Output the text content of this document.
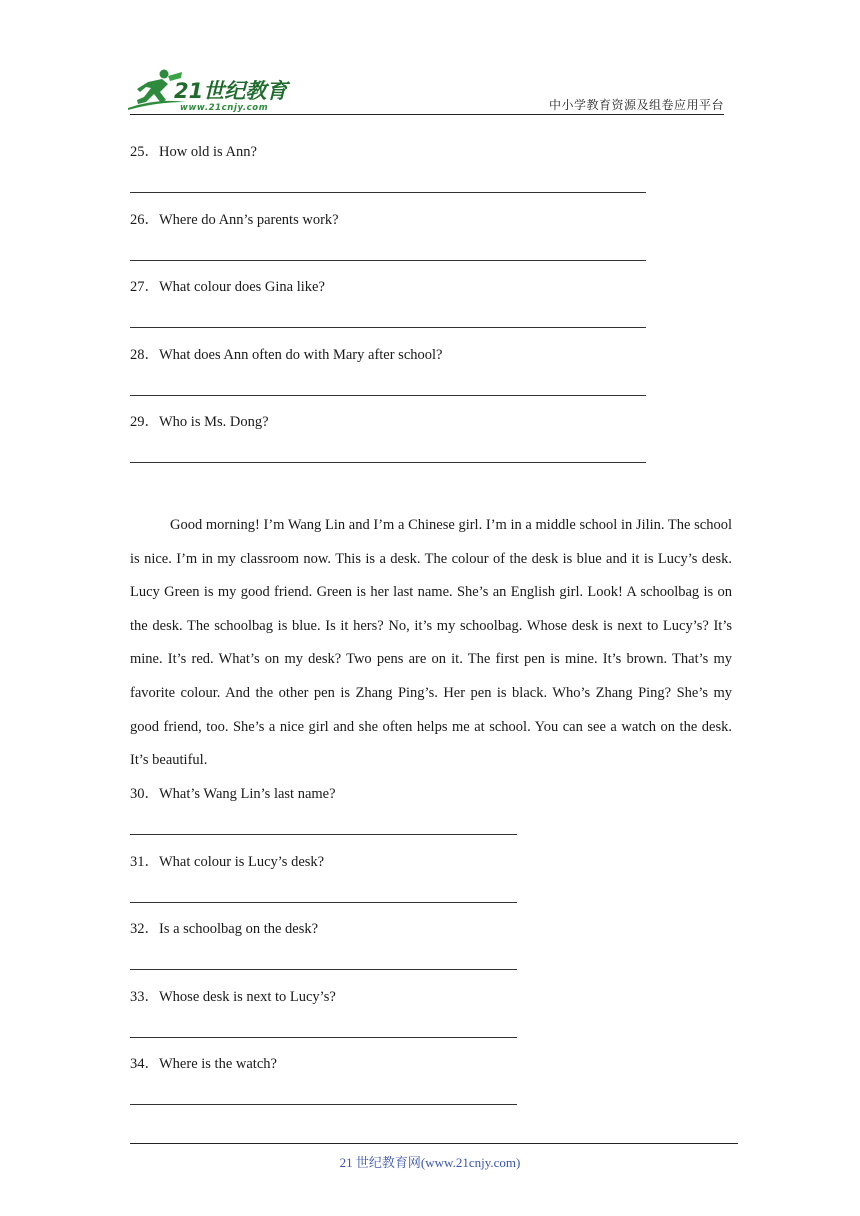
21世纪教育
www.21cnjy.com	中小学教育资源及组卷应用平台
25．How old is Ann?
26．Where do Ann’s parents work?
27．What colour does Gina like?
28．What does Ann often do with Mary after school?
29．Who is Ms. Dong?

Good morning! I’m Wang Lin and I’m a Chinese girl. I’m in a middle school in Jilin. The school is nice. I’m in my classroom now. This is a desk. The colour of the desk is blue and it is Lucy’s desk. Lucy Green is my good friend. Green is her last name. She’s an English girl. Look! A schoolbag is on the desk. The schoolbag is blue. Is it hers? No, it’s my schoolbag. Whose desk is next to Lucy’s? It’s mine. It’s red. What’s on my desk? Two pens are on it. The first pen is mine. It’s brown. That’s my favorite colour. And the other pen is Zhang Ping’s. Her pen is black. Who’s Zhang Ping? She’s my good friend, too. She’s a nice girl and she often helps me at school. You can see a watch on the desk. It’s beautiful.

30．What’s Wang Lin’s last name?
31．What colour is Lucy’s desk?
32．Is a schoolbag on the desk?
33．Whose desk is next to Lucy’s?
34．Where is the watch?
21 世纪教育网(www.21cnjy.com)
